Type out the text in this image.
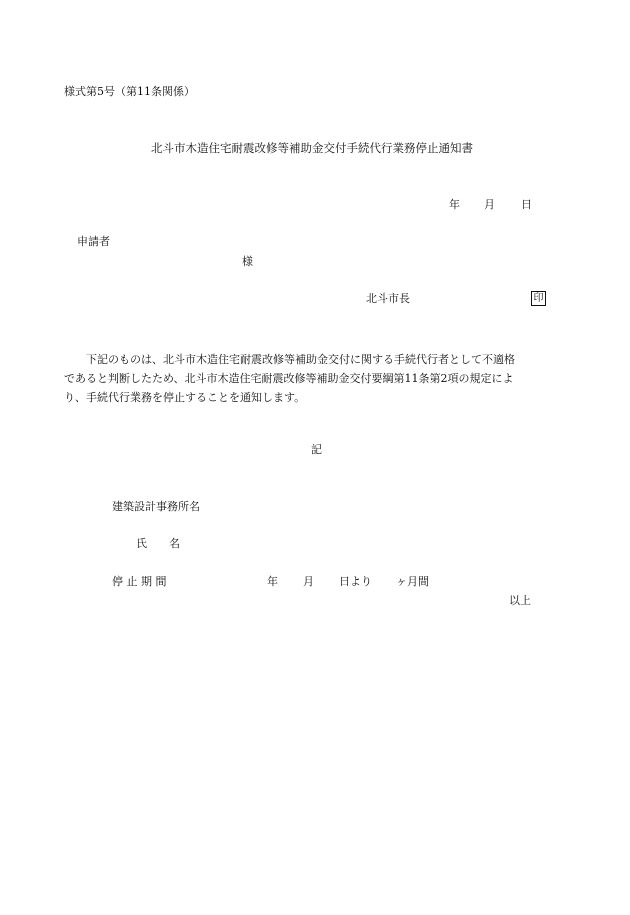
様式第5号（第11条関係）
北斗市木造住宅耐震改修等補助金交付手続代行業務停止通知書
年 月 日
申請者
様
北斗市長	印
下記のものは、北斗市木造住宅耐震改修等補助金交付に関する手続代行者として不適格
であると判断したため、北斗市木造住宅耐震改修等補助金交付要綱第11条第2項の規定によ
り、手続代行業務を停止することを通知します。
記
建築設計事務所名
氏　　名
停 止 期 間	年 月 日より ヶ月間
以上
